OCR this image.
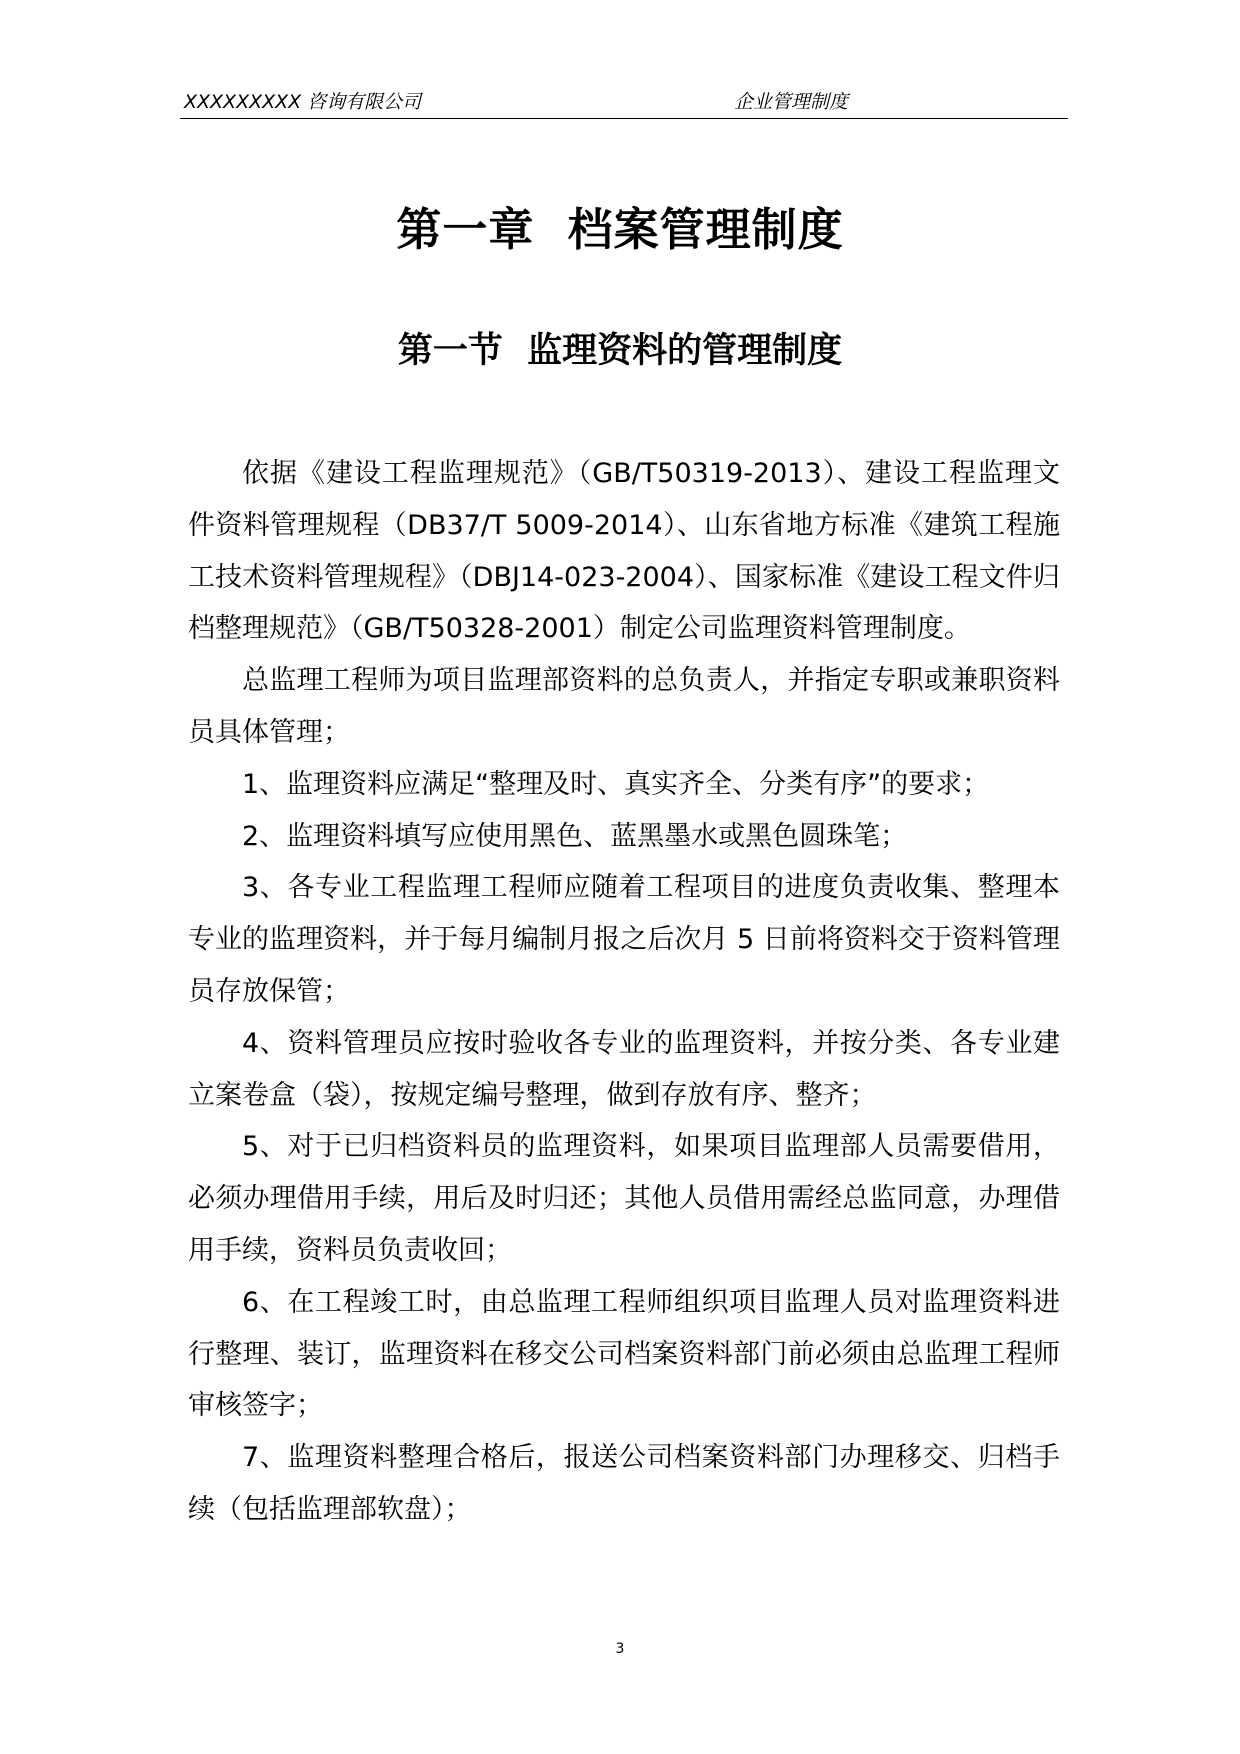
XXXXXXXXX 咨询有限公司	企业管理制度
第一章  档案管理制度
第一节  监理资料的管理制度

依据《建设工程监理规范》（GB/T50319-2013）、建设工程监理文件资料管理规程（DB37/T 5009-2014）、山东省地方标准《建筑工程施工技术资料管理规程》（DBJ14-023-2004）、国家标准《建设工程文件归档整理规范》（GB/T50328-2001）制定公司监理资料管理制度。

总监理工程师为项目监理部资料的总负责人，并指定专职或兼职资料员具体管理；

1、监理资料应满足“整理及时、真实齐全、分类有序”的要求；

2、监理资料填写应使用黑色、蓝黑墨水或黑色圆珠笔；

3、各专业工程监理工程师应随着工程项目的进度负责收集、整理本专业的监理资料，并于每月编制月报之后次月 5 日前将资料交于资料管理员存放保管；

4、资料管理员应按时验收各专业的监理资料，并按分类、各专业建立案卷盒（袋），按规定编号整理，做到存放有序、整齐；

5、对于已归档资料员的监理资料，如果项目监理部人员需要借用，必须办理借用手续，用后及时归还；其他人员借用需经总监同意，办理借用手续，资料员负责收回；

6、在工程竣工时，由总监理工程师组织项目监理人员对监理资料进行整理、装订，监理资料在移交公司档案资料部门前必须由总监理工程师审核签字；

7、监理资料整理合格后，报送公司档案资料部门办理移交、归档手续（包括监理部软盘）；

3
